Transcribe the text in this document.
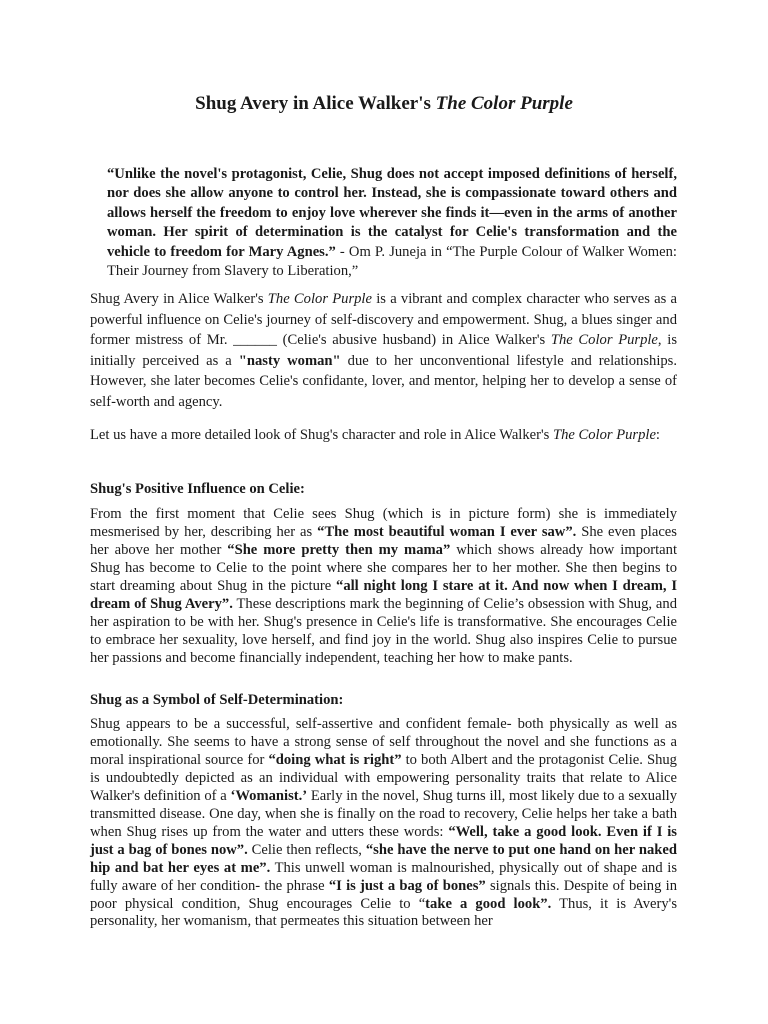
Shug Avery in Alice Walker's The Color Purple
“Unlike the novel's protagonist, Celie, Shug does not accept imposed definitions of herself, nor does she allow anyone to control her. Instead, she is compassionate toward others and allows herself the freedom to enjoy love wherever she finds it—even in the arms of another woman. Her spirit of determination is the catalyst for Celie's transformation and the vehicle to freedom for Mary Agnes.” - Om P. Juneja in “The Purple Colour of Walker Women: Their Journey from Slavery to Liberation,”
Shug Avery in Alice Walker's The Color Purple is a vibrant and complex character who serves as a powerful influence on Celie's journey of self-discovery and empowerment. Shug, a blues singer and former mistress of Mr. ______ (Celie's abusive husband) in Alice Walker's The Color Purple, is initially perceived as a "nasty woman" due to her unconventional lifestyle and relationships. However, she later becomes Celie's confidante, lover, and mentor, helping her to develop a sense of self-worth and agency.
Let us have a more detailed look of Shug's character and role in Alice Walker's The Color Purple:
Shug's Positive Influence on Celie:
From the first moment that Celie sees Shug (which is in picture form) she is immediately mesmerised by her, describing her as “The most beautiful woman I ever saw”. She even places her above her mother “She more pretty then my mama” which shows already how important Shug has become to Celie to the point where she compares her to her mother. She then begins to start dreaming about Shug in the picture “all night long I stare at it. And now when I dream, I dream of Shug Avery”. These descriptions mark the beginning of Celie’s obsession with Shug, and her aspiration to be with her. Shug's presence in Celie's life is transformative. She encourages Celie to embrace her sexuality, love herself, and find joy in the world. Shug also inspires Celie to pursue her passions and become financially independent, teaching her how to make pants.
Shug as a Symbol of Self-Determination:
Shug appears to be a successful, self-assertive and confident female- both physically as well as emotionally. She seems to have a strong sense of self throughout the novel and she functions as a moral inspirational source for “doing what is right” to both Albert and the protagonist Celie. Shug is undoubtedly depicted as an individual with empowering personality traits that relate to Alice Walker's definition of a ‘Womanist.’ Early in the novel, Shug turns ill, most likely due to a sexually transmitted disease. One day, when she is finally on the road to recovery, Celie helps her take a bath when Shug rises up from the water and utters these words: “Well, take a good look. Even if I is just a bag of bones now”. Celie then reflects, “she have the nerve to put one hand on her naked hip and bat her eyes at me”. This unwell woman is malnourished, physically out of shape and is fully aware of her condition- the phrase “I is just a bag of bones” signals this. Despite of being in poor physical condition, Shug encourages Celie to “take a good look”. Thus, it is Avery's personality, her womanism, that permeates this situation between her
